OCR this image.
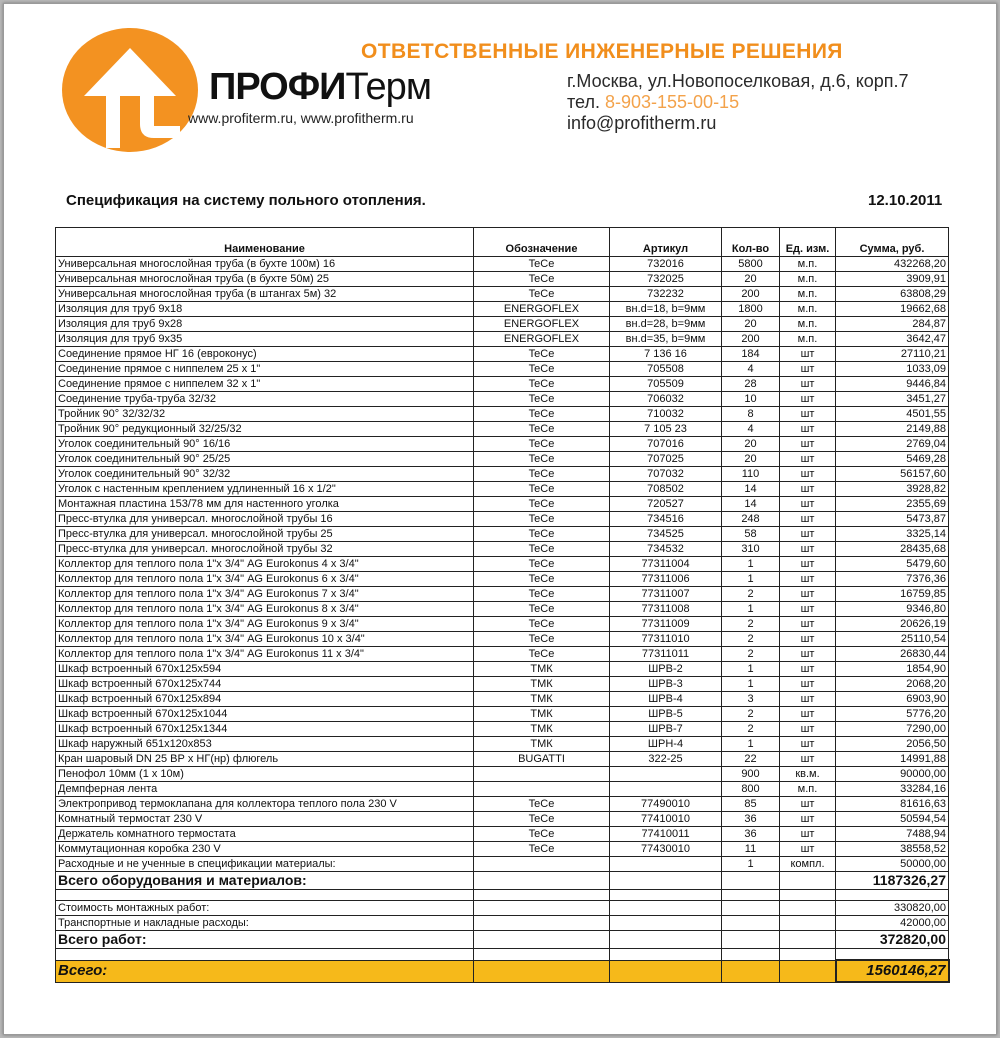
ПРОФИТерм
www.profiterm.ru, www.profitherm.ru
ОТВЕТСТВЕННЫЕ ИНЖЕНЕРНЫЕ РЕШЕНИЯ
г.Москва, ул.Новопоселковая, д.6, корп.7
тел. 8-903-155-00-15
info@profitherm.ru
Спецификация на систему польного отопления.	12.10.2011
Наименование	Обозначение	Артикул	Кол-во	Ед. изм.	Сумма, руб.
Универсальная многослойная труба (в бухте 100м) 16	TeCe	732016	5800	м.п.	432268,20
Универсальная многослойная труба (в бухте 50м) 25	TeCe	732025	20	м.п.	3909,91
Универсальная многослойная труба (в штангах 5м) 32	TeCe	732232	200	м.п.	63808,29
Изоляция для труб 9х18	ENERGOFLEX	вн.d=18, b=9мм	1800	м.п.	19662,68
Изоляция для труб 9х28	ENERGOFLEX	вн.d=28, b=9мм	20	м.п.	284,87
Изоляция для труб 9х35	ENERGOFLEX	вн.d=35, b=9мм	200	м.п.	3642,47
Соединение прямое НГ 16 (евроконус)	TeCe	7 136 16	184	шт	27110,21
Соединение прямое с ниппелем 25 х 1"	TeCe	705508	4	шт	1033,09
Соединение прямое с ниппелем 32 х 1"	TeCe	705509	28	шт	9446,84
Соединение труба-труба 32/32	TeCe	706032	10	шт	3451,27
Тройник 90° 32/32/32	TeCe	710032	8	шт	4501,55
Тройник 90° редукционный 32/25/32	TeCe	7 105 23	4	шт	2149,88
Уголок соединительный 90° 16/16	TeCe	707016	20	шт	2769,04
Уголок соединительный 90° 25/25	TeCe	707025	20	шт	5469,28
Уголок соединительный 90° 32/32	TeCe	707032	110	шт	56157,60
Уголок с настенным креплением удлиненный 16 х 1/2"	TeCe	708502	14	шт	3928,82
Монтажная пластина 153/78 мм для настенного уголка	TeCe	720527	14	шт	2355,69
Пресс-втулка для универсал. многослойной трубы 16	TeCe	734516	248	шт	5473,87
Пресс-втулка для универсал. многослойной трубы 25	TeCe	734525	58	шт	3325,14
Пресс-втулка для универсал. многослойной трубы 32	TeCe	734532	310	шт	28435,68
Коллектор для теплого пола 1"х 3/4" AG Eurokonus 4 х 3/4"	TeCe	77311004	1	шт	5479,60
Коллектор для теплого пола 1"х 3/4" AG Eurokonus 6 х 3/4"	TeCe	77311006	1	шт	7376,36
Коллектор для теплого пола 1"х 3/4" AG Eurokonus 7 х 3/4"	TeCe	77311007	2	шт	16759,85
Коллектор для теплого пола 1"х 3/4" AG Eurokonus 8 х 3/4"	TeCe	77311008	1	шт	9346,80
Коллектор для теплого пола 1"х 3/4" AG Eurokonus 9 х 3/4"	TeCe	77311009	2	шт	20626,19
Коллектор для теплого пола 1"х 3/4" AG Eurokonus 10 х 3/4"	TeCe	77311010	2	шт	25110,54
Коллектор для теплого пола 1"х 3/4" AG Eurokonus 11 х 3/4"	TeCe	77311011	2	шт	26830,44
Шкаф встроенный 670х125х594	ТМК	ШРВ-2	1	шт	1854,90
Шкаф встроенный 670х125х744	ТМК	ШРВ-3	1	шт	2068,20
Шкаф встроенный 670х125х894	ТМК	ШРВ-4	3	шт	6903,90
Шкаф встроенный 670х125х1044	ТМК	ШРВ-5	2	шт	5776,20
Шкаф встроенный 670х125х1344	ТМК	ШРВ-7	2	шт	7290,00
Шкаф наружный 651х120х853	ТМК	ШРН-4	1	шт	2056,50
Кран шаровый DN 25 ВР х НГ(нр) флюгель	BUGATTI	322-25	22	шт	14991,88
Пенофол 10мм (1 х 10м)			900	кв.м.	90000,00
Демпферная лента			800	м.п.	33284,16
Электропривод термоклапана для коллектора теплого пола 230 V	TeCe	77490010	85	шт	81616,63
Комнатный термостат 230 V	TeCe	77410010	36	шт	50594,54
Держатель комнатного термостата	TeCe	77410011	36	шт	7488,94
Коммутационная коробка 230 V	TeCe	77430010	11	шт	38558,52
Расходные и не ученные в спецификации материалы:			1	компл.	50000,00
Всего оборудования и материалов:					1187326,27

Стоимость монтажных работ:					330820,00
Транспортные и накладные расходы:					42000,00
Всего работ:					372820,00

Всего:					1560146,27
